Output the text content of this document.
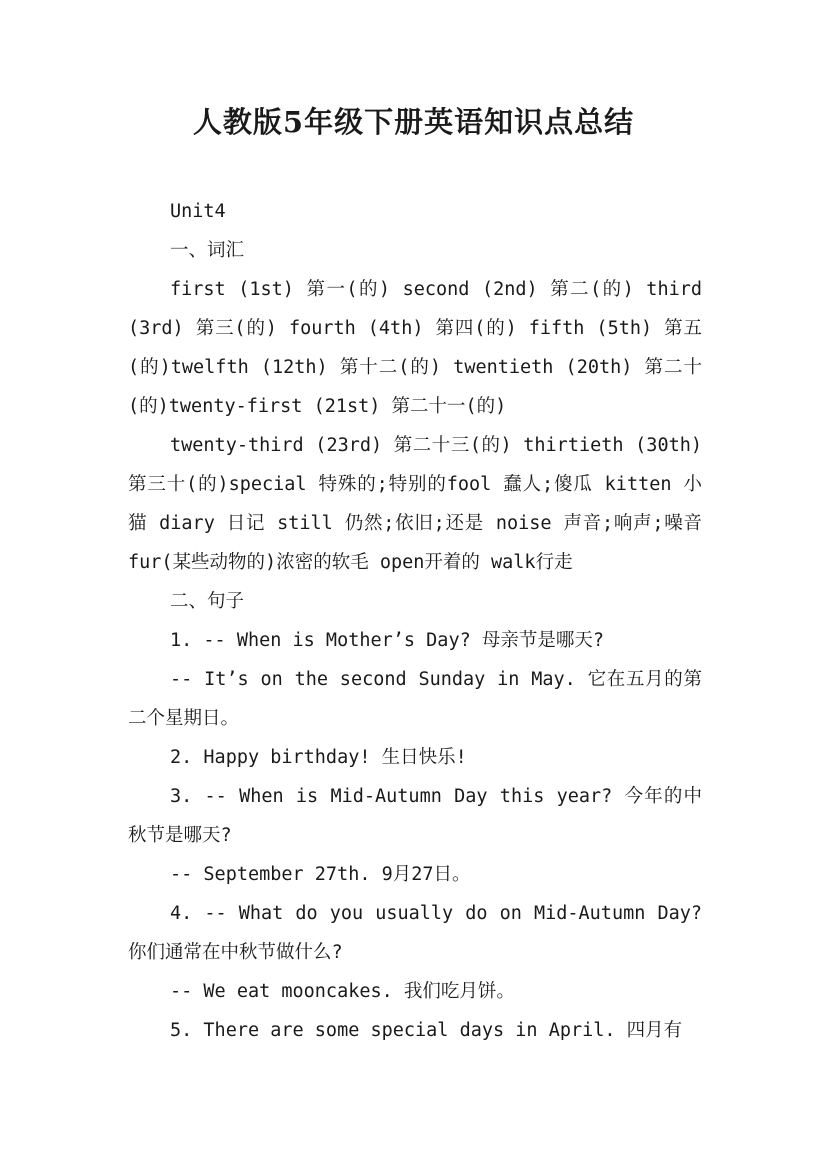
人教版5年级下册英语知识点总结

Unit4

一、词汇

first (1st) 第一(的) second (2nd) 第二(的) third (3rd) 第三(的) fourth (4th) 第四(的) fifth (5th) 第五(的)twelfth (12th) 第十二(的) twentieth (20th) 第二十(的)twenty-first (21st) 第二十一(的)

twenty-third (23rd) 第二十三(的) thirtieth (30th) 第三十(的)special 特殊的;特别的fool 蠢人;傻瓜 kitten 小猫 diary 日记 still 仍然;依旧;还是 noise 声音;响声;噪音 fur(某些动物的)浓密的软毛 open开着的 walk行走

二、句子

1. -- When is Mother’s Day? 母亲节是哪天?

-- It’s on the second Sunday in May. 它在五月的第二个星期日。

2. Happy birthday! 生日快乐!

3. -- When is Mid-Autumn Day this year? 今年的中秋节是哪天?

-- September 27th. 9月27日。

4. -- What do you usually do on Mid-Autumn Day? 你们通常在中秋节做什么?

-- We eat mooncakes. 我们吃月饼。

5. There are some special days in April. 四月有
